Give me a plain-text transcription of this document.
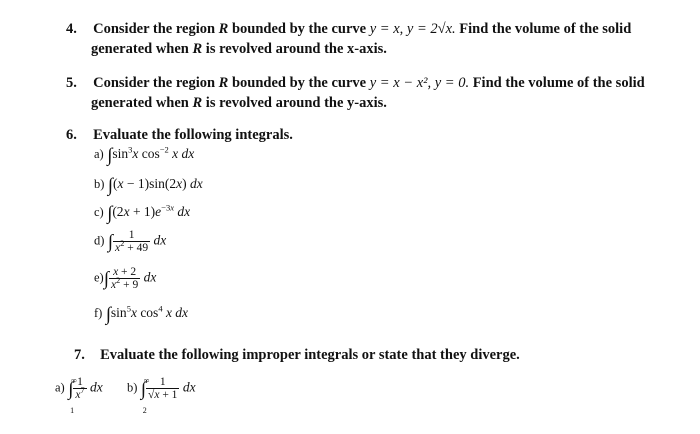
4. Consider the region R bounded by the curve y = x, y = 2√x. Find the volume of the solid
generated when R is revolved around the x-axis.
5. Consider the region R bounded by the curve y = x − x², y = 0. Find the volume of the solid
generated when R is revolved around the y-axis.
6. Evaluate the following integrals.
a) $\int\sin^3x$ $\cos^{-2} x$ dx
b) ∫(x − 1)sin(2x) dx
c) $\int(2x + 1)e^{-3x}$ dx
d) ∫ $\frac{1}{x^2 + 49}$ dx
$e)\int \frac{x + 2}{x^2 + 9}$ dx
f) $\int\sin^5x$ $\cos^4 x$ dx
7. Evaluate the following improper integrals or state that they diverge.
a) ∫
∞
1
$\frac{1}{x^7}$ dx b) ∫
∞
2
$\frac{1}{√x + 1}$ dx
